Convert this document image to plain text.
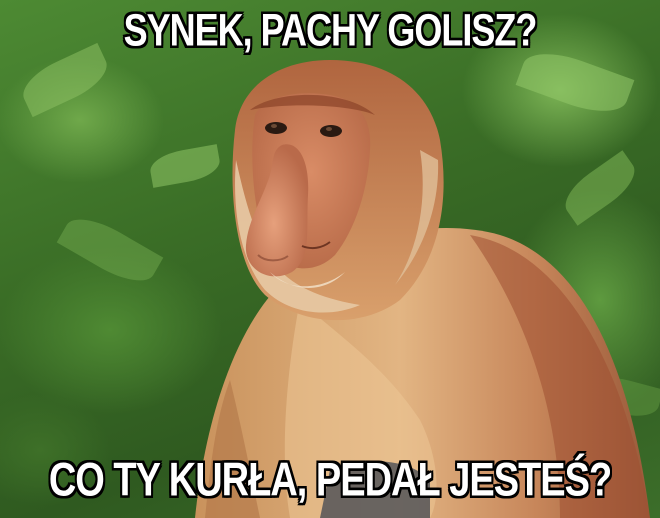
SYNEK, PACHY GOLISZ?
CO TY KURŁA, PEDAŁ JESTEŚ?
